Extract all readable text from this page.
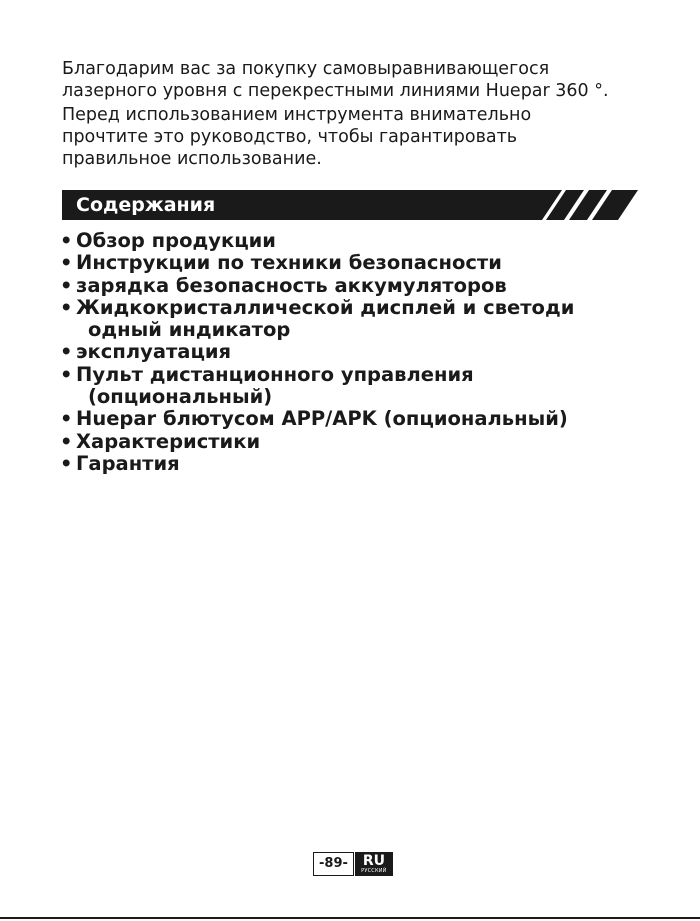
Благодарим вас за покупку самовыравнивающегося
лазерного уровня с перекрестными линиями Huepar 360 °.
Перед использованием инструмента внимательно
прочтите это руководство, чтобы гарантировать
правильное использование.
Содержания
• Обзор продукции
• Инструкции по техники безопасности
• зарядка безопасность аккумуляторов
• Жидкокристаллической дисплей и светоди
одный индикатор
• эксплуатация
• Пульт дистанционного управления
(опциональный)
• Huepar блютусом APP/APK (опциональный)
• Характеристики
• Гарантия
-89-	RU
РУССКИЙ
